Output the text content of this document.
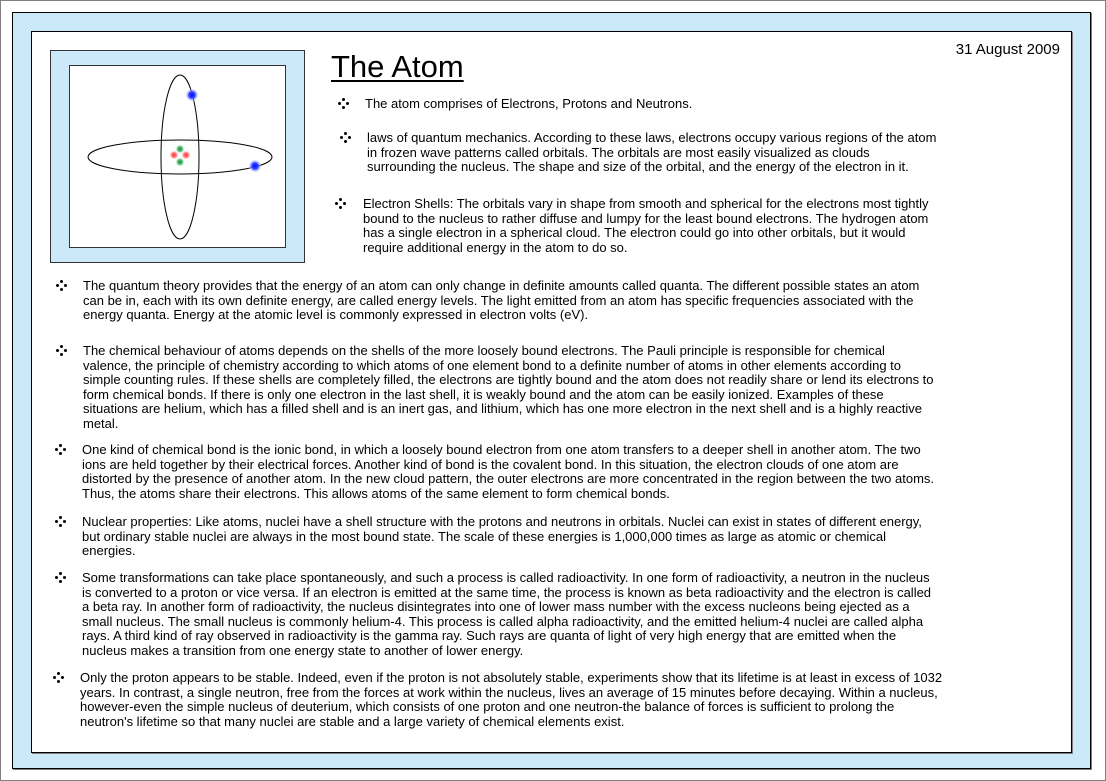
31 August 2009
The Atom
The atom comprises of Electrons, Protons and Neutrons.
laws of quantum mechanics. According to these laws, electrons occupy various regions of the atom
in frozen wave patterns called orbitals. The orbitals are most easily visualized as clouds
surrounding the nucleus. The shape and size of the orbital, and the energy of the electron in it.
Electron Shells: The orbitals vary in shape from smooth and spherical for the electrons most tightly
bound to the nucleus to rather diffuse and lumpy for the least bound electrons. The hydrogen atom
has a single electron in a spherical cloud. The electron could go into other orbitals, but it would
require additional energy in the atom to do so.
The quantum theory provides that the energy of an atom can only change in definite amounts called quanta. The different possible states an atom
can be in, each with its own definite energy, are called energy levels. The light emitted from an atom has specific frequencies associated with the
energy quanta. Energy at the atomic level is commonly expressed in electron volts (eV).
The chemical behaviour of atoms depends on the shells of the more loosely bound electrons. The Pauli principle is responsible for chemical
valence, the principle of chemistry according to which atoms of one element bond to a definite number of atoms in other elements according to
simple counting rules. If these shells are completely filled, the electrons are tightly bound and the atom does not readily share or lend its electrons to
form chemical bonds. If there is only one electron in the last shell, it is weakly bound and the atom can be easily ionized. Examples of these
situations are helium, which has a filled shell and is an inert gas, and lithium, which has one more electron in the next shell and is a highly reactive
metal.
One kind of chemical bond is the ionic bond, in which a loosely bound electron from one atom transfers to a deeper shell in another atom. The two
ions are held together by their electrical forces. Another kind of bond is the covalent bond. In this situation, the electron clouds of one atom are
distorted by the presence of another atom. In the new cloud pattern, the outer electrons are more concentrated in the region between the two atoms.
Thus, the atoms share their electrons. This allows atoms of the same element to form chemical bonds.
Nuclear properties: Like atoms, nuclei have a shell structure with the protons and neutrons in orbitals. Nuclei can exist in states of different energy,
but ordinary stable nuclei are always in the most bound state. The scale of these energies is 1,000,000 times as large as atomic or chemical
energies.
Some transformations can take place spontaneously, and such a process is called radioactivity. In one form of radioactivity, a neutron in the nucleus
is converted to a proton or vice versa. If an electron is emitted at the same time, the process is known as beta radioactivity and the electron is called
a beta ray. In another form of radioactivity, the nucleus disintegrates into one of lower mass number with the excess nucleons being ejected as a
small nucleus. The small nucleus is commonly helium-4. This process is called alpha radioactivity, and the emitted helium-4 nuclei are called alpha
rays. A third kind of ray observed in radioactivity is the gamma ray. Such rays are quanta of light of very high energy that are emitted when the
nucleus makes a transition from one energy state to another of lower energy.
Only the proton appears to be stable. Indeed, even if the proton is not absolutely stable, experiments show that its lifetime is at least in excess of 1032
years. In contrast, a single neutron, free from the forces at work within the nucleus, lives an average of 15 minutes before decaying. Within a nucleus,
however-even the simple nucleus of deuterium, which consists of one proton and one neutron-the balance of forces is sufficient to prolong the
neutron's lifetime so that many nuclei are stable and a large variety of chemical elements exist.
